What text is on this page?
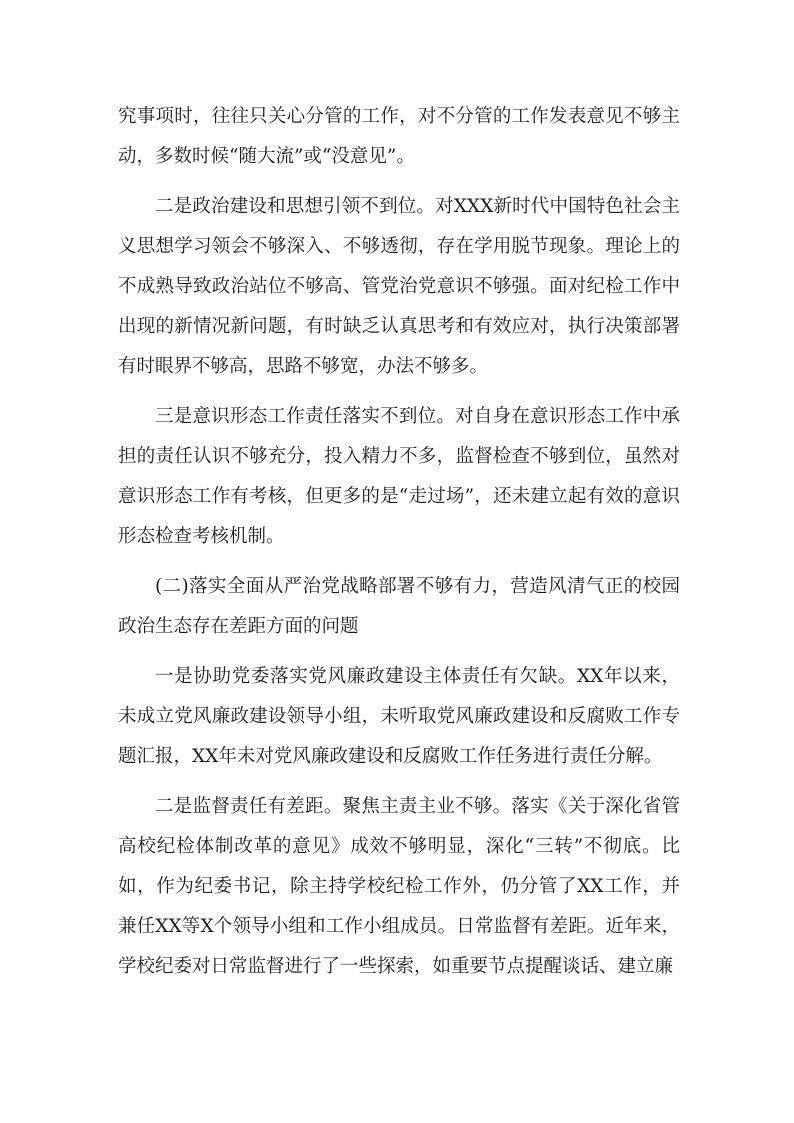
究事项时，往往只关心分管的工作，对不分管的工作发表意见不够主动，多数时候“随大流”或“没意见”。

二是政治建设和思想引领不到位。对XXX新时代中国特色社会主义思想学习领会不够深入、不够透彻，存在学用脱节现象。理论上的不成熟导致政治站位不够高、管党治党意识不够强。面对纪检工作中出现的新情况新问题，有时缺乏认真思考和有效应对，执行决策部署有时眼界不够高，思路不够宽，办法不够多。

三是意识形态工作责任落实不到位。对自身在意识形态工作中承担的责任认识不够充分，投入精力不多，监督检查不够到位，虽然对意识形态工作有考核，但更多的是“走过场”，还未建立起有效的意识形态检查考核机制。

(二)落实全面从严治党战略部署不够有力，营造风清气正的校园政治生态存在差距方面的问题

一是协助党委落实党风廉政建设主体责任有欠缺。XX年以来，未成立党风廉政建设领导小组，未听取党风廉政建设和反腐败工作专题汇报，XX年未对党风廉政建设和反腐败工作任务进行责任分解。

二是监督责任有差距。聚焦主责主业不够。落实《关于深化省管高校纪检体制改革的意见》成效不够明显，深化“三转”不彻底。比如，作为纪委书记，除主持学校纪检工作外，仍分管了XX工作，并兼任XX等X个领导小组和工作小组成员。日常监督有差距。近年来，学校纪委对日常监督进行了一些探索，如重要节点提醒谈话、建立廉
